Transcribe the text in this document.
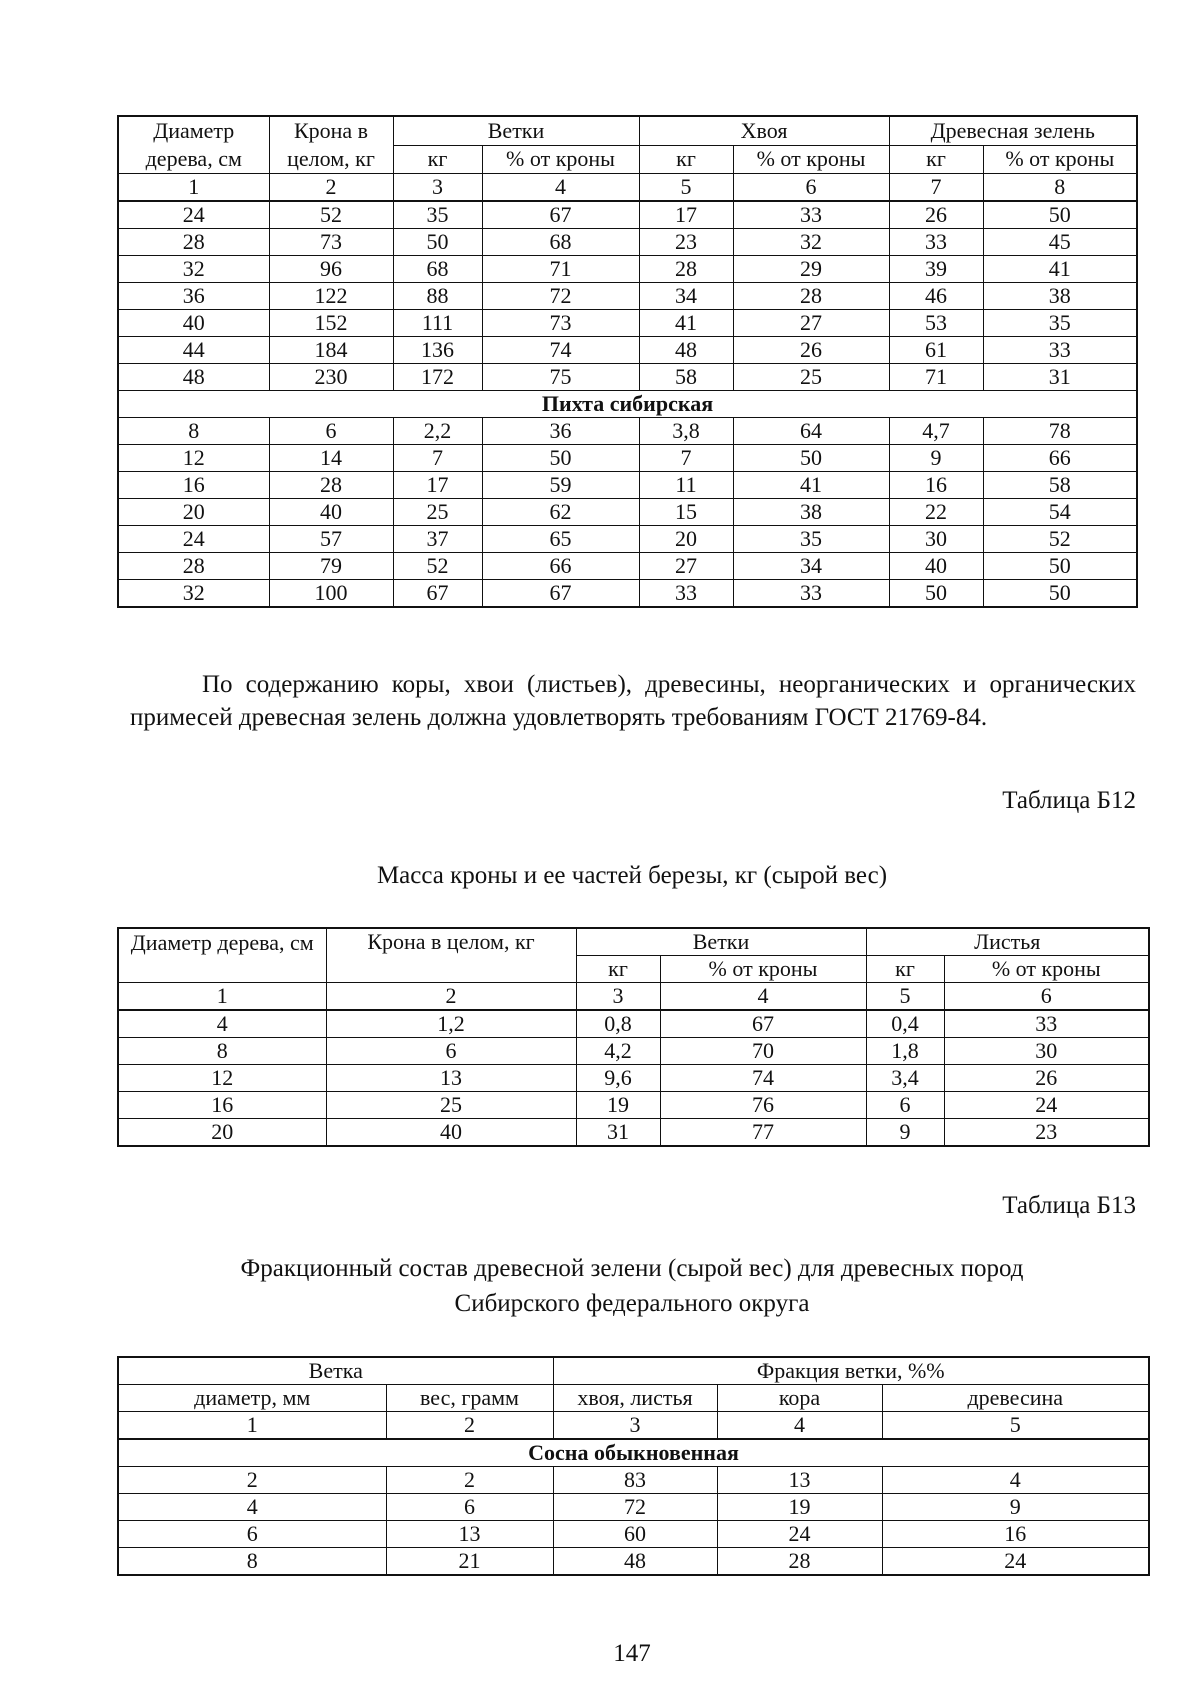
Диаметр дерева, см	Крона в целом, кг	Ветки		Хвоя		Древесная зелень	
		кг	% от кроны	кг	% от кроны	кг	% от кроны
1	2	3	4	5	6	7	8
24	52	35	67	17	33	26	50
28	73	50	68	23	32	33	45
32	96	68	71	28	29	39	41
36	122	88	72	34	28	46	38
40	152	111	73	41	27	53	35
44	184	136	74	48	26	61	33
48	230	172	75	58	25	71	31
Пихта сибирская							
8	6	2,2	36	3,8	64	4,7	78
12	14	7	50	7	50	9	66
16	28	17	59	11	41	16	58
20	40	25	62	15	38	22	54
24	57	37	65	20	35	30	52
28	79	52	66	27	34	40	50
32	100	67	67	33	33	50	50

По содержанию коры, хвои (листьев), древесины, неорганических и органических примесей древесная зелень должна удовлетворять требованиям ГОСТ 21769-84.

Таблица Б12
Масса кроны и ее частей березы, кг (сырой вес)
Диаметр дерева, см	Крона в целом, кг	Ветки		Листья	
		кг	% от кроны	кг	% от кроны
1	2	3	4	5	6
4	1,2	0,8	67	0,4	33
8	6	4,2	70	1,8	30
12	13	9,6	74	3,4	26
16	25	19	76	6	24
20	40	31	77	9	23
Таблица Б13
Фракционный состав древесной зелени (сырой вес) для древесных пород
Сибирского федерального округа
Ветка		Фракция ветки, %%		
диаметр, мм	вес, грамм	хвоя, листья	кора	древесина
1	2	3	4	5
Сосна обыкновенная				
2	2	83	13	4
4	6	72	19	9
6	13	60	24	16
8	21	48	28	24
147
